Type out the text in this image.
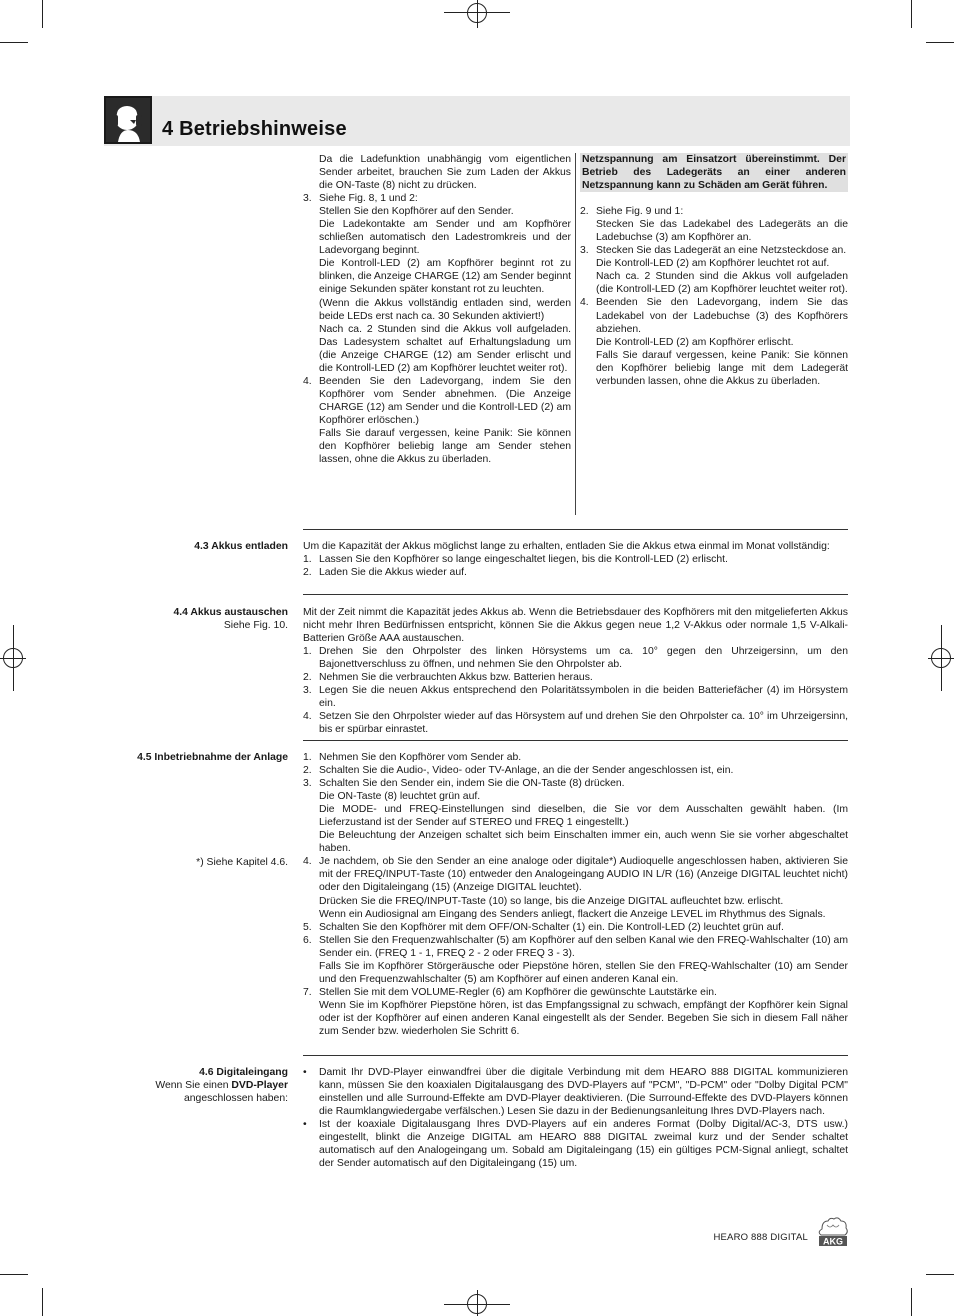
4 Betriebshinweise

Da die Ladefunktion unabhängig vom eigentlichen Sender arbeitet, brauchen Sie zum Laden der Akkus die ON-Taste (8) nicht zu drücken.

3. Siehe Fig. 8, 1 und 2:

Stellen Sie den Kopfhörer auf den Sender.

Die Ladekontakte am Sender und am Kopfhörer schließen automatisch den Ladestromkreis und der Ladevorgang beginnt.

Die Kontroll-LED (2) am Kopfhörer beginnt rot zu blinken, die Anzeige CHARGE (12) am Sender beginnt einige Sekunden später konstant rot zu leuchten.

(Wenn die Akkus vollständig entladen sind, werden beide LEDs erst nach ca. 30 Sekunden aktiviert!)

Nach ca. 2 Stunden sind die Akkus voll aufgeladen. Das Ladesystem schaltet auf Erhaltungsladung um (die Anzeige CHARGE (12) am Sender erlischt und die Kontroll-LED (2) am Kopfhörer leuchtet weiter rot).

4. Beenden Sie den Ladevorgang, indem Sie den Kopfhörer vom Sender abnehmen. (Die Anzeige CHARGE (12) am Sender und die Kontroll-LED (2) am Kopfhörer erlöschen.)

Falls Sie darauf vergessen, keine Panik: Sie können den Kopfhörer beliebig lange am Sender stehen lassen, ohne die Akkus zu überladen.

Netzspannung am Einsatzort übereinstimmt. Der Betrieb des Ladegeräts an einer anderen Netzspannung kann zu Schäden am Gerät führen.

2. Siehe Fig. 9 und 1:

Stecken Sie das Ladekabel des Ladegeräts an die Ladebuchse (3) am Kopfhörer an.

3. Stecken Sie das Ladegerät an eine Netzsteckdose an.

Die Kontroll-LED (2) am Kopfhörer leuchtet rot auf.

Nach ca. 2 Stunden sind die Akkus voll aufgeladen (die Kontroll-LED (2) am Kopfhörer leuchtet weiter rot).

4. Beenden Sie den Ladevorgang, indem Sie das Ladekabel von der Ladebuchse (3) des Kopfhörers abziehen.

Die Kontroll-LED (2) am Kopfhörer erlischt.

Falls Sie darauf vergessen, keine Panik: Sie können den Kopfhörer beliebig lange mit dem Ladegerät verbunden lassen, ohne die Akkus zu überladen.

4.3 Akkus entladen Um die Kapazität der Akkus möglichst lange zu erhalten, entladen Sie die Akkus etwa einmal im Monat vollständig:

1. Lassen Sie den Kopfhörer so lange eingeschaltet liegen, bis die Kontroll-LED (2) erlischt.

2. Laden Sie die Akkus wieder auf.

4.4 Akkus austauschen
Siehe Fig. 10.

Mit der Zeit nimmt die Kapazität jedes Akkus ab. Wenn die Betriebsdauer des Kopfhörers mit den mitgelieferten Akkus nicht mehr Ihren Bedürfnissen entspricht, können Sie die Akkus gegen neue 1,2 V-Akkus oder normale 1,5 V-Alkali-Batterien Größe AAA austauschen.

1. Drehen Sie den Ohrpolster des linken Hörsystems um ca. 10° gegen den Uhrzeigersinn, um den Bajonettverschluss zu öffnen, und nehmen Sie den Ohrpolster ab.

2. Nehmen Sie die verbrauchten Akkus bzw. Batterien heraus.

3. Legen Sie die neuen Akkus entsprechend den Polaritätssymbolen in die beiden Batteriefächer (4) im Hörsystem ein.

4. Setzen Sie den Ohrpolster wieder auf das Hörsystem auf und drehen Sie den Ohrpolster ca. 10° im Uhrzeigersinn, bis er spürbar einrastet.

4.5 Inbetriebnahme der Anlage
*) Siehe Kapitel 4.6.
1. Nehmen Sie den Kopfhörer vom Sender ab.

2. Schalten Sie die Audio-, Video- oder TV-Anlage, an die der Sender angeschlossen ist, ein.

3. Schalten Sie den Sender ein, indem Sie die ON-Taste (8) drücken.

Die ON-Taste (8) leuchtet grün auf.

Die MODE- und FREQ-Einstellungen sind dieselben, die Sie vor dem Ausschalten gewählt haben. (Im Lieferzustand ist der Sender auf STEREO und FREQ 1 eingestellt.)

Die Beleuchtung der Anzeigen schaltet sich beim Einschalten immer ein, auch wenn Sie sie vorher abgeschaltet haben.

4. Je nachdem, ob Sie den Sender an eine analoge oder digitale*) Audioquelle angeschlossen haben, aktivieren Sie mit der FREQ/INPUT-Taste (10) entweder den Analogeingang AUDIO IN L/R (16) (Anzeige DIGITAL leuchtet nicht) oder den Digitaleingang (15) (Anzeige DIGITAL leuchtet).

Drücken Sie die FREQ/INPUT-Taste (10) so lange, bis die Anzeige DIGITAL aufleuchtet bzw. erlischt.

Wenn ein Audiosignal am Eingang des Senders anliegt, flackert die Anzeige LEVEL im Rhythmus des Signals.

5. Schalten Sie den Kopfhörer mit dem OFF/ON-Schalter (1) ein. Die Kontroll-LED (2) leuchtet grün auf.

6. Stellen Sie den Frequenzwahlschalter (5) am Kopfhörer auf den selben Kanal wie den FREQ-Wahlschalter (10) am Sender ein. (FREQ 1 - 1, FREQ 2 - 2 oder FREQ 3 - 3).

Falls Sie im Kopfhörer Störgeräusche oder Piepstöne hören, stellen Sie den FREQ-Wahlschalter (10) am Sender und den Frequenzwahlschalter (5) am Kopfhörer auf einen anderen Kanal ein.

7. Stellen Sie mit dem VOLUME-Regler (6) am Kopfhörer die gewünschte Lautstärke ein.

Wenn Sie im Kopfhörer Piepstöne hören, ist das Empfangssignal zu schwach, empfängt der Kopfhörer kein Signal oder ist der Kopfhörer auf einen anderen Kanal eingestellt als der Sender. Begeben Sie sich in diesem Fall näher zum Sender bzw. wiederholen Sie Schritt 6.

4.6 Digitaleingang
Wenn Sie einen DVD-Player
angeschlossen haben:
• Damit Ihr DVD-Player einwandfrei über die digitale Verbindung mit dem HEARO 888 DIGITAL kommunizieren kann, müssen Sie den koaxialen Digitalausgang des DVD-Players auf "PCM", "D-PCM" oder "Dolby Digital PCM" einstellen und alle Surround-Effekte am DVD-Player deaktivieren. (Die Surround-Effekte des DVD-Players können die Raumklangwiedergabe verfälschen.) Lesen Sie dazu in der Bedienungsanleitung Ihres DVD-Players nach.

• Ist der koaxiale Digitalausgang Ihres DVD-Players auf ein anderes Format (Dolby Digital/AC-3, DTS usw.) eingestellt, blinkt die Anzeige DIGITAL am HEARO 888 DIGITAL zweimal kurz und der Sender schaltet automatisch auf den Analogeingang um. Sobald am Digitaleingang (15) ein gültiges PCM-Signal anliegt, schaltet der Sender automatisch auf den Digitaleingang (15) um.

HEARO 888 DIGITAL AKG
